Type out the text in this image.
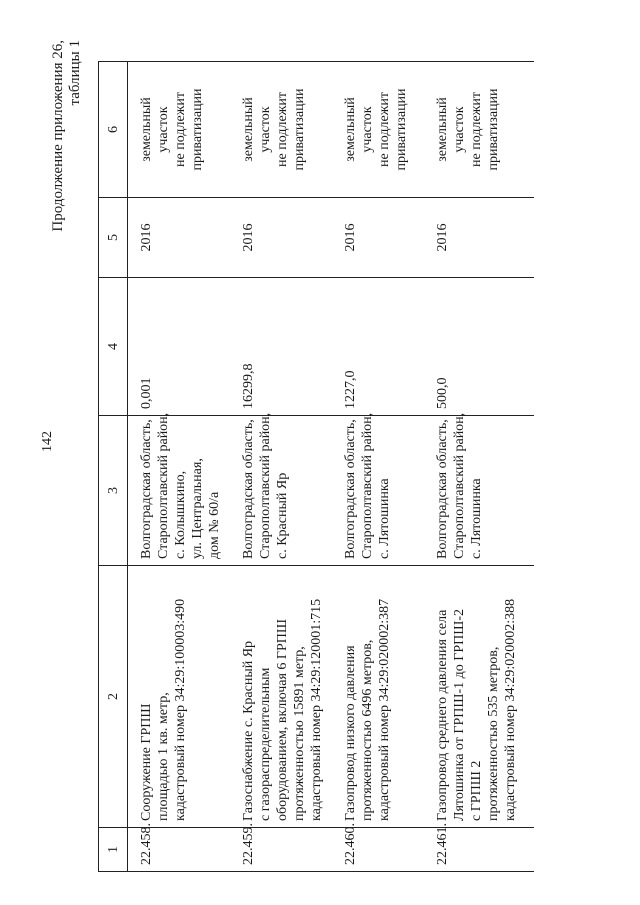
142
Продолжение приложения 26, таблицы 1
1	2	3	4	5	6
22.458.	Сооружение ГРПШ площадью 1 кв. метр, кадастровый номер 34:29:100003:490	Волгоградская область, Старополтавский район, с. Колышкино, ул. Центральная, дом № 60/а	0,001	2016	земельный участок не подлежит приватизации

22.459.	Газоснабжение с. Красный Яр с газораспределительным оборудованием, включая 6 ГРПШ протяженностью 15891 метр, кадастровый номер 34:29:120001:715	Волгоградская область, Старополтавский район, с. Красный Яр	16299,8	2016	земельный участок не подлежит приватизации

22.460.	Газопровод низкого давления протяженностью 6496 метров, кадастровый номер 34:29:020002:387	Волгоградская область, Старополтавский район, с. Лятошинка	1227,0	2016	земельный участок не подлежит приватизации

22.461.	Газопровод среднего давления села Лятошинка от ГРПШ-1 до ГРПШ-2 с ГРПШ 2 протяженностью 535 метров, кадастровый номер 34:29:020002:388	Волгоградская область, Старополтавский район, с. Лятошинка	500,0	2016	земельный участок не подлежит приватизации
